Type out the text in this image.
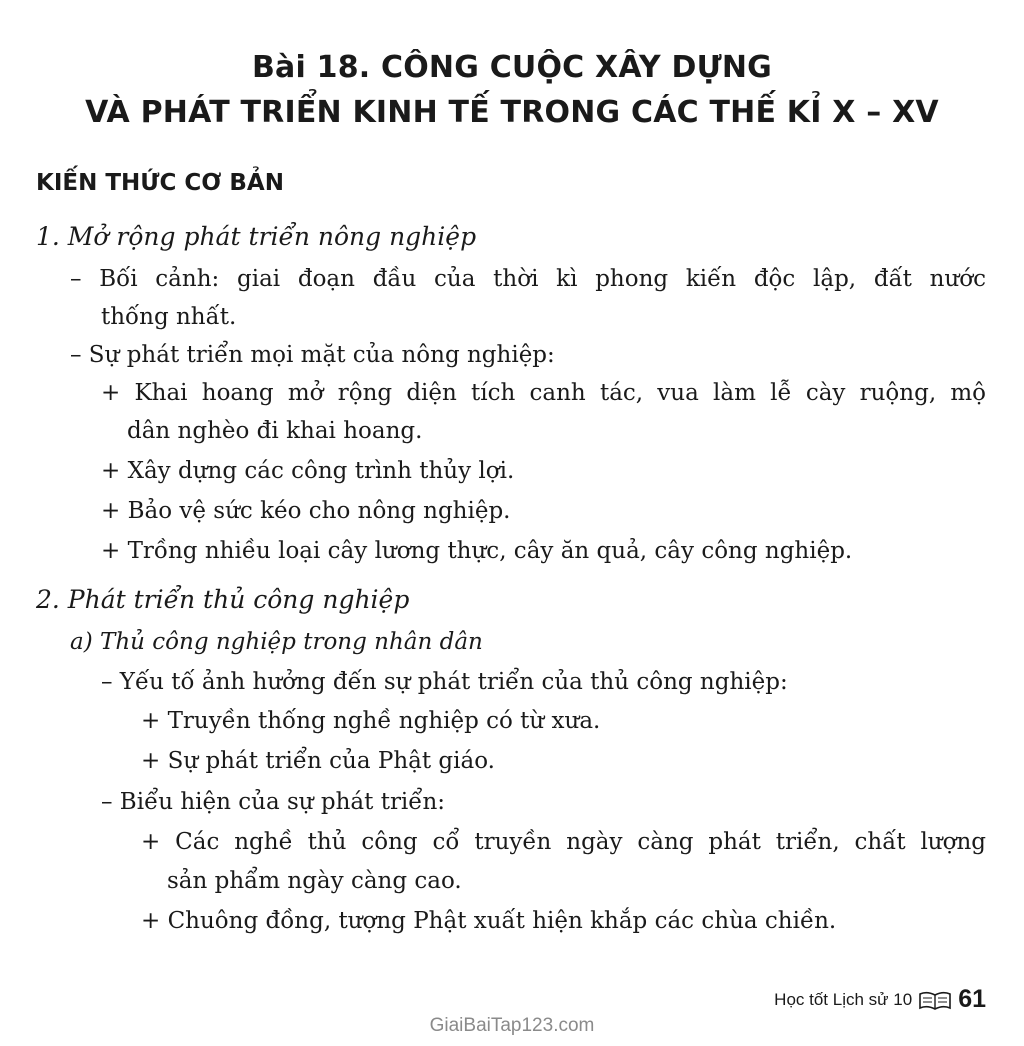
Bài 18. CÔNG CUỘC XÂY DỰNG
VÀ PHÁT TRIỂN KINH TẾ TRONG CÁC THẾ KỈ X – XV
KIẾN THỨC CƠ BẢN
1. Mở rộng phát triển nông nghiệp
– Bối cảnh: giai đoạn đầu của thời kì phong kiến độc lập, đất nước
thống nhất.
– Sự phát triển mọi mặt của nông nghiệp:
+ Khai hoang mở rộng diện tích canh tác, vua làm lễ cày ruộng, mộ
dân nghèo đi khai hoang.
+ Xây dựng các công trình thủy lợi.
+ Bảo vệ sức kéo cho nông nghiệp.
+ Trồng nhiều loại cây lương thực, cây ăn quả, cây công nghiệp.
2. Phát triển thủ công nghiệp
a) Thủ công nghiệp trong nhân dân
– Yếu tố ảnh hưởng đến sự phát triển của thủ công nghiệp:
+ Truyền thống nghề nghiệp có từ xưa.
+ Sự phát triển của Phật giáo.
– Biểu hiện của sự phát triển:
+ Các nghề thủ công cổ truyền ngày càng phát triển, chất lượng
sản phẩm ngày càng cao.
+ Chuông đồng, tượng Phật xuất hiện khắp các chùa chiền.
Học tốt Lịch sử 10 61
GiaiBaiTap123.com
